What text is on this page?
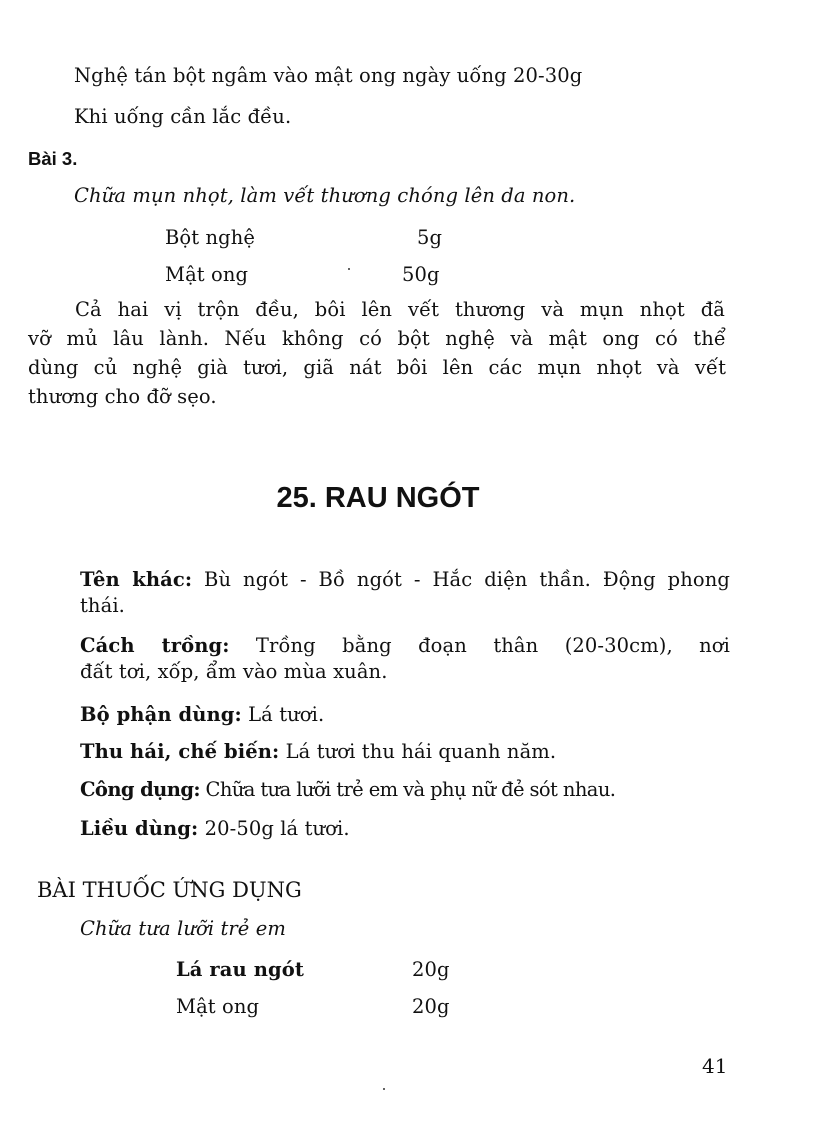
Nghệ tán bột ngâm vào mật ong ngày uống 20-30g
Khi uống cần lắc đều.
Bài 3.
Chữa mụn nhọt, làm vết thương chóng lên da non.
Bột nghệ	5g
Mật ong	50g
Cả hai vị trộn đều, bôi lên vết thương và mụn nhọt đã
vỡ mủ lâu lành. Nếu không có bột nghệ và mật ong có thể
dùng củ nghệ già tươi, giã nát bôi lên các mụn nhọt và vết
thương cho đỡ sẹo.
25. RAU NGÓT
Tên khác: Bù ngót - Bồ ngót - Hắc diện thần. Động phong
thái.
Cách trồng: Trồng bằng đoạn thân (20-30cm), nơi
đất tơi, xốp, ẩm vào mùa xuân.
Bộ phận dùng: Lá tươi.
Thu hái, chế biến: Lá tươi thu hái quanh năm.
Công dụng: Chữa tưa lưỡi trẻ em và phụ nữ đẻ sót nhau.
Liều dùng: 20-50g lá tươi.
BÀI THUỐC ỨNG DỤNG
Chữa tưa lưỡi trẻ em
Lá rau ngót	20g
Mật ong	20g
41
